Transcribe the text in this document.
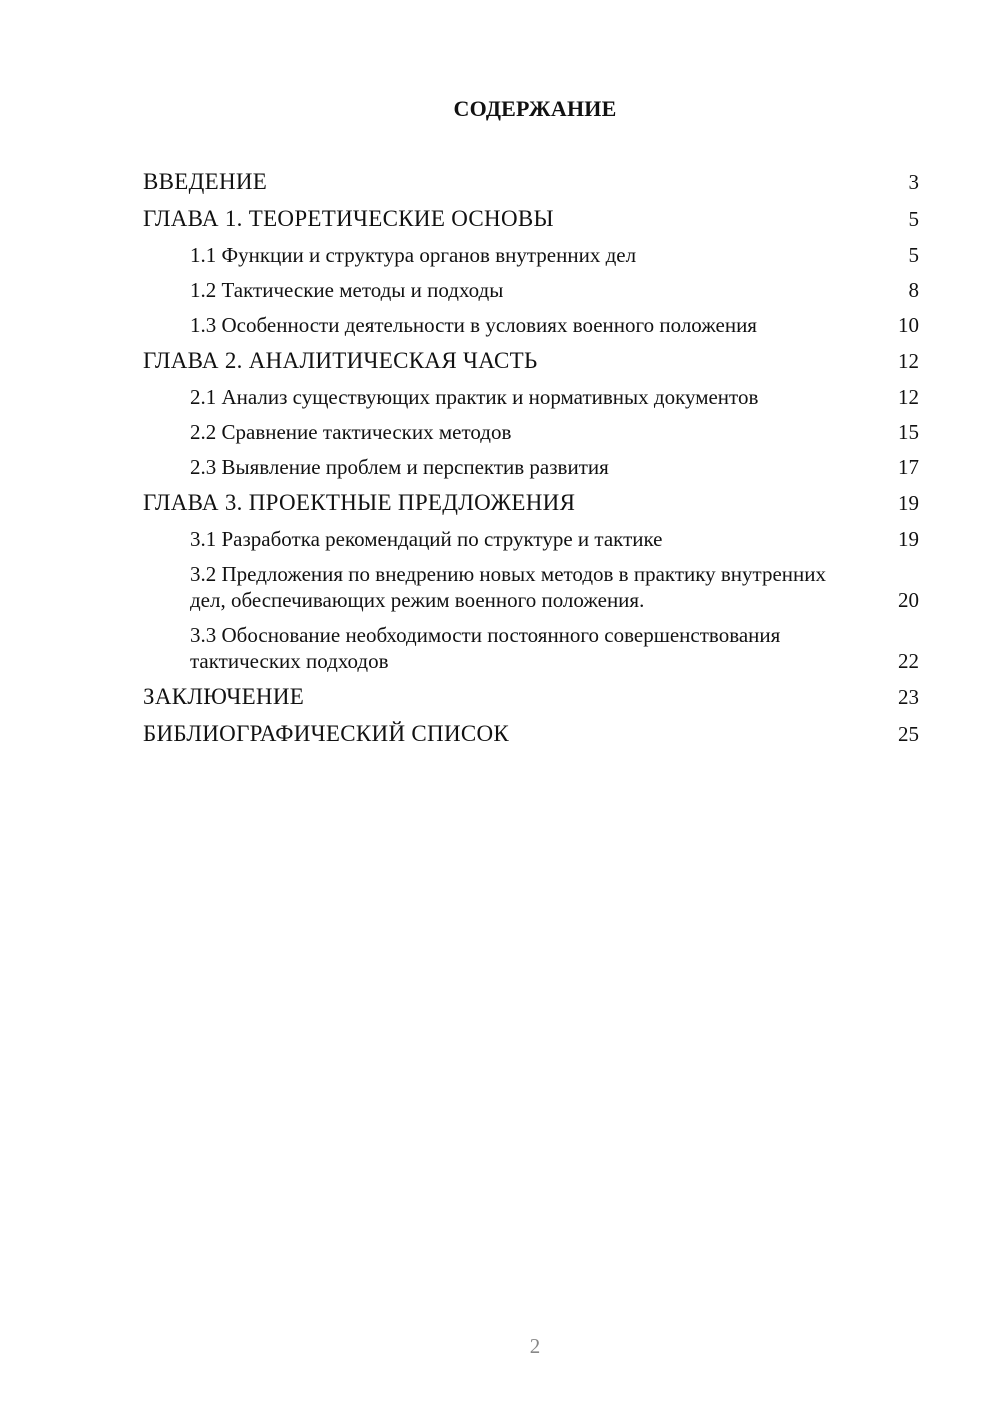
СОДЕРЖАНИЕ
ВВЕДЕНИЕ	3
ГЛАВА 1. ТЕОРЕТИЧЕСКИЕ ОСНОВЫ	5
1.1 Функции и структура органов внутренних дел	5
1.2 Тактические методы и подходы	8
1.3 Особенности деятельности в условиях военного положения	10
ГЛАВА 2. АНАЛИТИЧЕСКАЯ ЧАСТЬ	12
2.1 Анализ существующих практик и нормативных документов	12
2.2 Сравнение тактических методов	15
2.3 Выявление проблем и перспектив развития	17
ГЛАВА 3. ПРОЕКТНЫЕ ПРЕДЛОЖЕНИЯ	19
3.1 Разработка рекомендаций по структуре и тактике	19
3.2 Предложения по внедрению новых методов в практику внутренних дел, обеспечивающих режим военного положения.	20
3.3 Обоснование необходимости постоянного совершенствования тактических подходов	22
ЗАКЛЮЧЕНИЕ	23
БИБЛИОГРАФИЧЕСКИЙ СПИСОК	25
2
